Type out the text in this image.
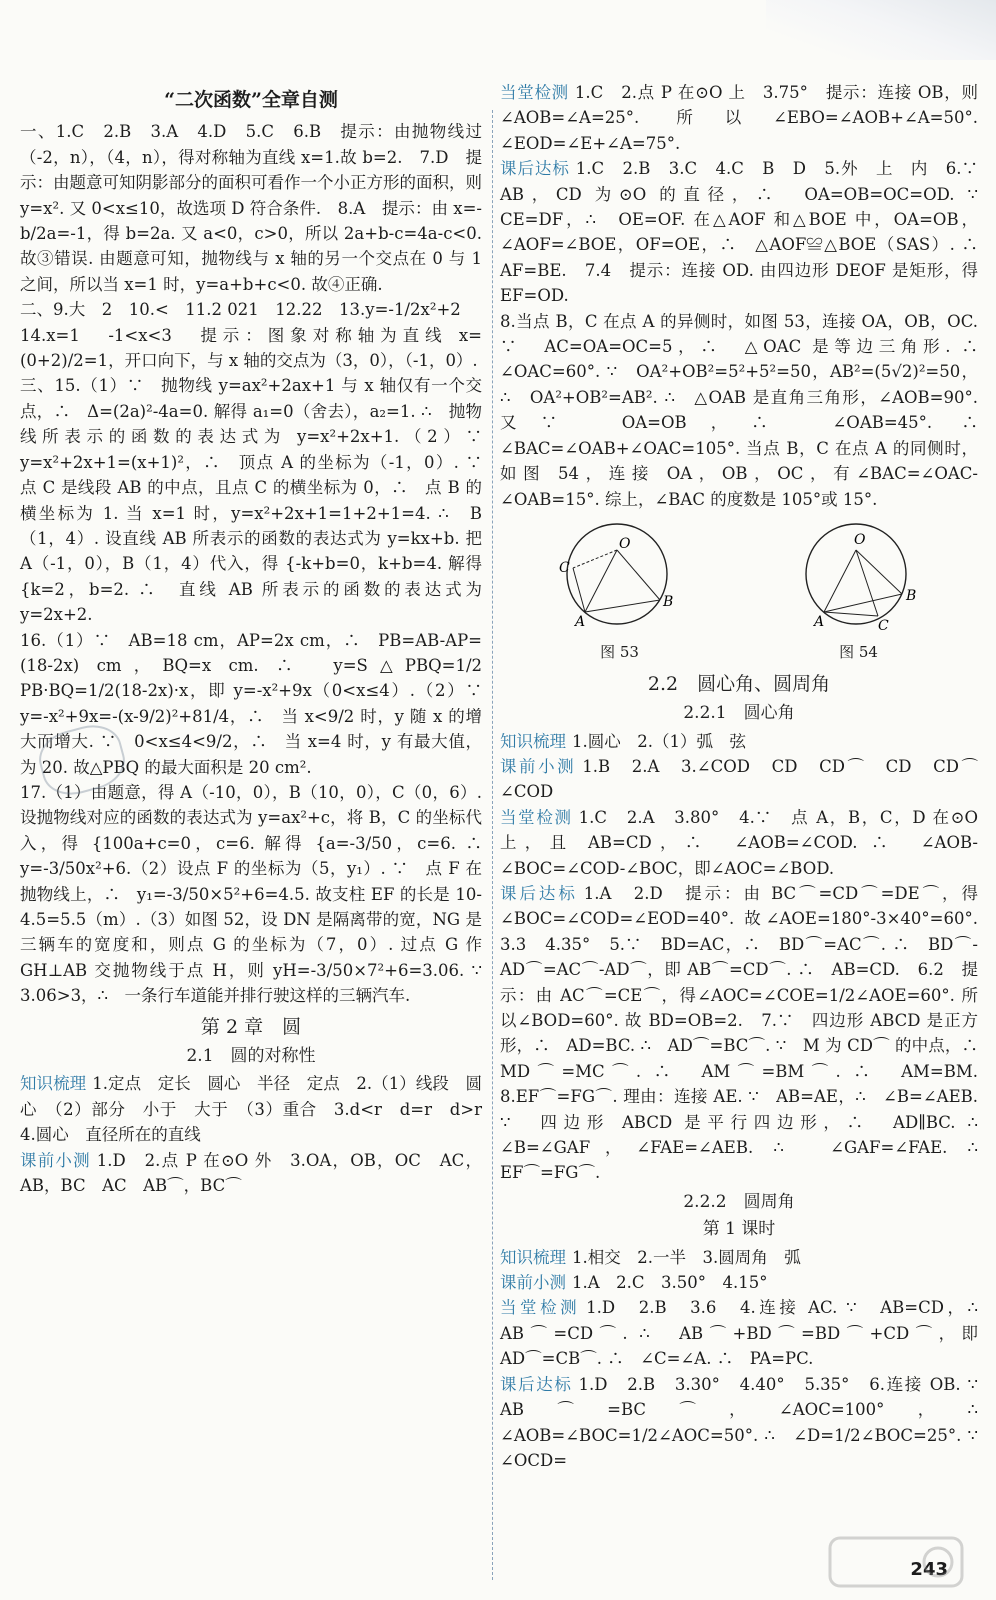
“二次函数”全章自测

一、1.C　2.B　3.A　4.D　5.C　6.B　提示：由抛物线过（-2，n），（4，n），得对称轴为直线 x=1.故 b=2.　7.D　提示：由题意可知阴影部分的面积可看作一个小正方形的面积，则 y=x². 又 0<x≤10，故选项 D 符合条件.　8.A　提示：由 x=-b/2a=-1，得 b=2a. 又 a<0，c>0，所以 2a+b-c=4a-c<0. 故③错误. 由题意可知，抛物线与 x 轴的另一个交点在 0 与 1 之间，所以当 x=1 时，y=a+b+c<0. 故④正确.

二、9.大　2　10.<　11.2 021　12.22　13.y=-1/2x²+2

14.x=1　-1<x<3　提示：图象对称轴为直线 x=(0+2)/2=1，开口向下，与 x 轴的交点为（3，0），（-1，0）.

三、15.（1）∵　抛物线 y=ax²+2ax+1 与 x 轴仅有一个交点，∴　Δ=(2a)²-4a=0. 解得 a₁=0（舍去），a₂=1. ∴　抛物线所表示的函数的表达式为 y=x²+2x+1.（2）∵　y=x²+2x+1=(x+1)²，∴　顶点 A 的坐标为（-1，0）. ∵　点 C 是线段 AB 的中点，且点 C 的横坐标为 0，∴　点 B 的横坐标为 1. 当 x=1 时，y=x²+2x+1=1+2+1=4. ∴　B（1，4）. 设直线 AB 所表示的函数的表达式为 y=kx+b. 把 A（-1，0），B（1，4）代入，得 {-k+b=0，k+b=4. 解得 {k=2，b=2. ∴　直线 AB 所表示的函数的表达式为 y=2x+2.

16.（1）∵　AB=18 cm，AP=2x cm，∴　PB=AB-AP=(18-2x) cm，BQ=x cm. ∴　y=S△PBQ=1/2 PB·BQ=1/2(18-2x)·x，即 y=-x²+9x（0<x≤4）.（2）∵　y=-x²+9x=-(x-9/2)²+81/4，∴　当 x<9/2 时，y 随 x 的增大而增大. ∵　0<x≤4<9/2，∴　当 x=4 时，y 有最大值，为 20. 故△PBQ 的最大面积是 20 cm².

17.（1）由题意，得 A（-10，0），B（10，0），C（0，6）. 设抛物线对应的函数的表达式为 y=ax²+c，将 B，C 的坐标代入，得 {100a+c=0，c=6. 解得 {a=-3/50，c=6. ∴　y=-3/50x²+6.（2）设点 F 的坐标为（5，y₁）. ∵　点 F 在抛物线上，∴　y₁=-3/50×5²+6=4.5. 故支柱 EF 的长是 10-4.5=5.5（m）.（3）如图 52，设 DN 是隔离带的宽，NG 是三辆车的宽度和，则点 G 的坐标为（7，0）. 过点 G 作 GH⊥AB 交抛物线于点 H，则 yH=-3/50×7²+6=3.06. ∵　3.06>3，∴　一条行车道能并排行驶这样的三辆汽车.

第 2 章　圆
2.1　圆的对称性

知识梳理 1.定点　定长　圆心　半径　定点　2.（1）线段　圆心　（2）部分　小于　大于　（3）重合　3.d<r　d=r　d>r　4.圆心　直径所在的直线

课前小测 1.D　2.点 P 在⊙O 外　3.OA，OB，OC　AC，AB，BC　AC　AB⌒，BC⌒

当堂检测 1.C　2.点 P 在⊙O 上　3.75°　提示：连接 OB，则∠AOB=∠A=25°. 所以∠EBO=∠AOB+∠A=50°. ∠EOD=∠E+∠A=75°.

课后达标 1.C　2.B　3.C　4.C　B　D　5.外　上　内　6.∵　AB，CD 为⊙O 的直径，∴　OA=OB=OC=OD. ∵　CE=DF，∴　OE=OF. 在△AOF 和△BOE 中，OA=OB，∠AOF=∠BOE，OF=OE，∴　△AOF≌△BOE（SAS）. ∴　AF=BE.　7.4　提示：连接 OD. 由四边形 DEOF 是矩形，得 EF=OD.

8.当点 B，C 在点 A 的异侧时，如图 53，连接 OA，OB，OC. ∵　AC=OA=OC=5，∴　△OAC 是等边三角形. ∴　∠OAC=60°. ∵　OA²+OB²=5²+5²=50，AB²=(5√2)²=50，∴　OA²+OB²=AB². ∴　△OAB 是直角三角形，∠AOB=90°. 又∵　OA=OB，∴　∠OAB=45°. ∴　∠BAC=∠OAB+∠OAC=105°. 当点 B，C 在点 A 的同侧时，如图 54，连接 OA，OB，OC，有∠BAC=∠OAC-∠OAB=15°. 综上，∠BAC 的度数是 105°或 15°.

O
C
B
A
图 53
O
B
A	C
图 54
2.2　圆心角、圆周角
2.2.1　圆心角

知识梳理 1.圆心　2.（1）弧　弦

课前小测 1.B　2.A　3.∠COD　CD　CD⌒　CD　CD⌒　∠COD

当堂检测 1.C　2.A　3.80°　4.∵　点 A，B，C，D 在⊙O 上，且 AB=CD，∴　∠AOB=∠COD. ∴　∠AOB-∠BOC=∠COD-∠BOC，即∠AOC=∠BOD.

课后达标 1.A　2.D　提示：由 BC⌒=CD⌒=DE⌒，得∠BOC=∠COD=∠EOD=40°. 故∠AOE=180°-3×40°=60°.　3.3　4.35°　5.∵　BD=AC，∴　BD⌒=AC⌒. ∴　BD⌒-AD⌒=AC⌒-AD⌒，即 AB⌒=CD⌒. ∴　AB=CD.　6.2　提示：由 AC⌒=CE⌒，得∠AOC=∠COE=1/2∠AOE=60°. 所以∠BOD=60°. 故 BD=OB=2.　7.∵　四边形 ABCD 是正方形，∴　AD=BC. ∴　AD⌒=BC⌒. ∵　M 为 CD⌒ 的中点，∴　MD⌒=MC⌒. ∴　AM⌒=BM⌒. ∴　AM=BM.　8.EF⌒=FG⌒. 理由：连接 AE. ∵　AB=AE，∴　∠B=∠AEB. ∵　四边形 ABCD 是平行四边形，∴　AD∥BC. ∴　∠B=∠GAF，∠FAE=∠AEB. ∴　∠GAF=∠FAE. ∴　EF⌒=FG⌒.

2.2.2　圆周角
第 1 课时

知识梳理 1.相交　2.一半　3.圆周角　弧

课前小测 1.A　2.C　3.50°　4.15°

当堂检测 1.D　2.B　3.6　4.连接 AC. ∵　AB=CD，∴　AB⌒=CD⌒. ∴　AB⌒+BD⌒=BD⌒+CD⌒，即 AD⌒=CB⌒. ∴　∠C=∠A. ∴　PA=PC.

课后达标 1.D　2.B　3.30°　4.40°　5.35°　6.连接 OB. ∵　AB⌒=BC⌒，∠AOC=100°，∴　∠AOB=∠BOC=1/2∠AOC=50°. ∴　∠D=1/2∠BOC=25°. ∵　∠OCD=

243
